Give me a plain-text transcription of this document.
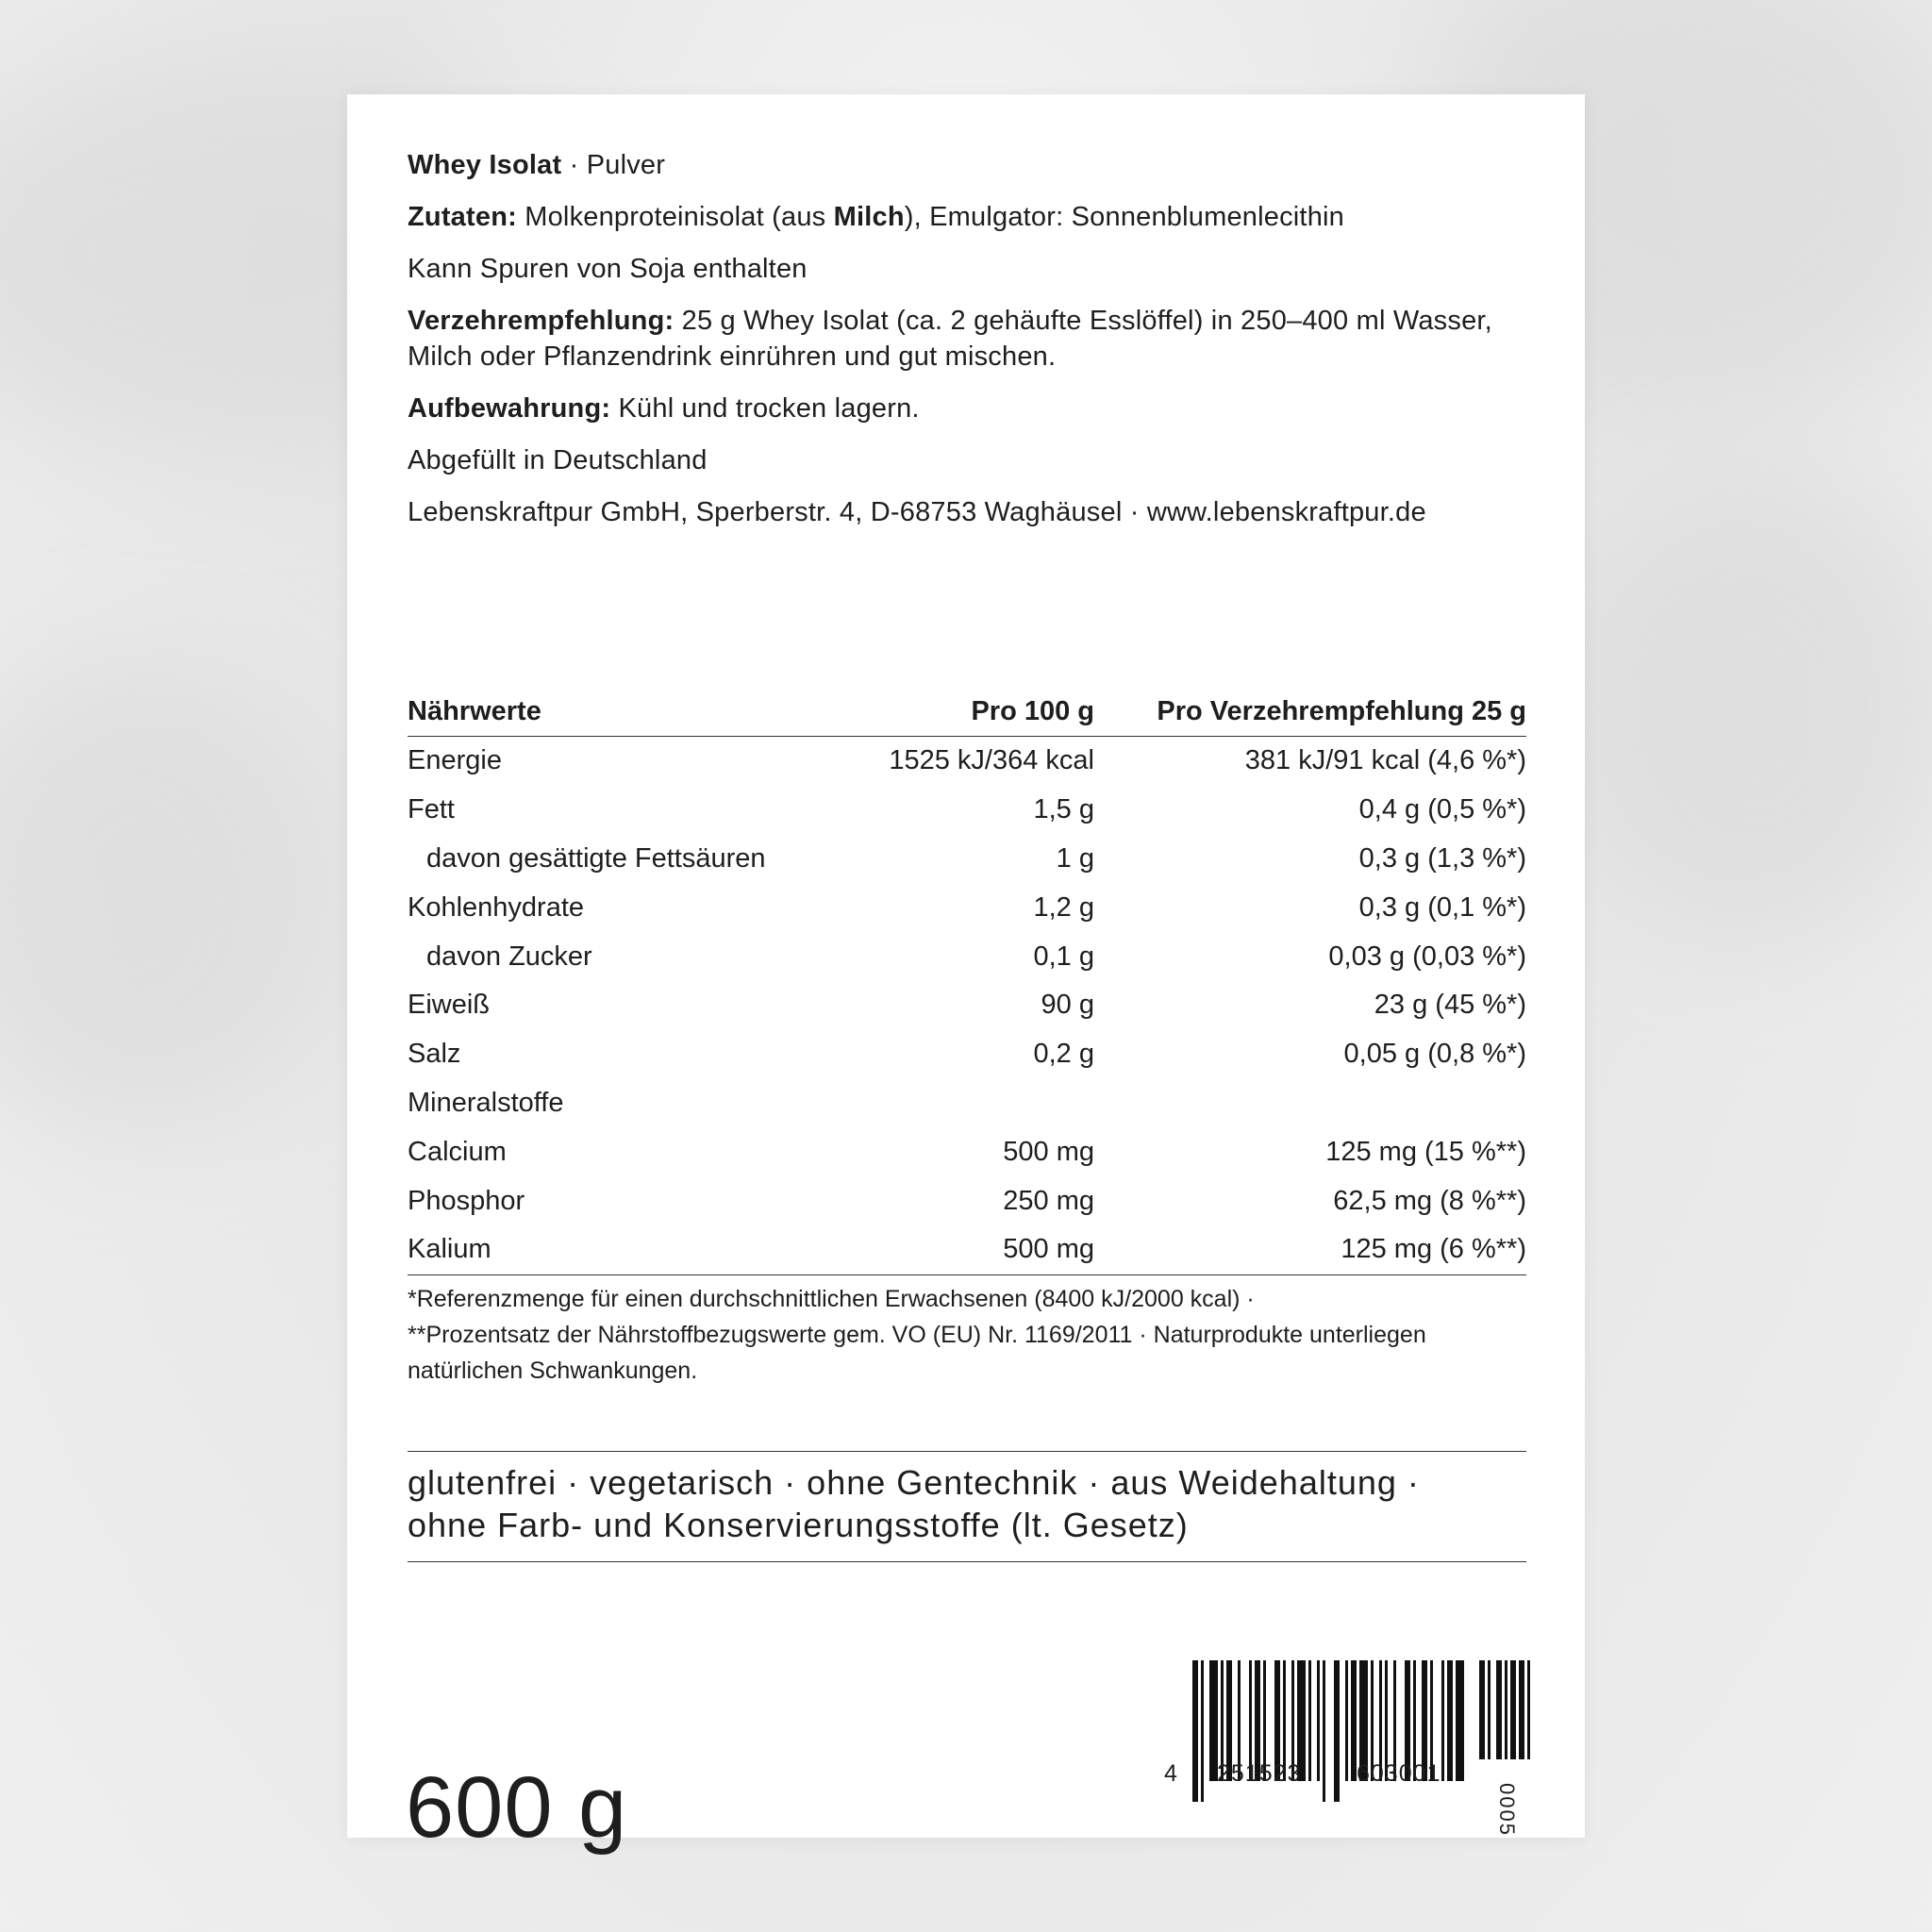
Whey Isolat · Pulver

Zutaten: Molkenproteinisolat (aus Milch), Emulgator: Sonnenblumenlecithin

Kann Spuren von Soja enthalten

Verzehrempfehlung: 25 g Whey Isolat (ca. 2 gehäufte Esslöffel) in 250–400 ml Wasser, Milch oder Pflanzendrink einrühren und gut mischen.

Aufbewahrung: Kühl und trocken lagern.

Abgefüllt in Deutschland

Lebenskraftpur GmbH, Sperberstr. 4, D-68753 Waghäusel · www.lebenskraftpur.de

Nährwerte	Pro 100 g	Pro Verzehrempfehlung 25 g
Energie	1525 kJ/364 kcal	381 kJ/91 kcal (4,6 %*)
Fett	1,5 g	0,4 g (0,5 %*)
davon gesättigte Fettsäuren	1 g	0,3 g (1,3 %*)
Kohlenhydrate	1,2 g	0,3 g (0,1 %*)
davon Zucker	0,1 g	0,03 g (0,03 %*)
Eiweiß	90 g	23 g (45 %*)
Salz	0,2 g	0,05 g (0,8 %*)
Mineralstoffe		
Calcium	500 mg	125 mg (15 %**)
Phosphor	250 mg	62,5 mg (8 %**)
Kalium	500 mg	125 mg (6 %**)

*Referenzmenge für einen durchschnittlichen Erwachsenen (8400 kJ/2000 kcal) ·

**Prozentsatz der Nährstoffbezugswerte gem. VO (EU) Nr. 1169/2011 · Naturprodukte unterliegen natürlichen Schwankungen.

glutenfrei · vegetarisch · ohne Gentechnik · aus Weidehaltung ·

ohne Farb- und Konservierungsstoffe (lt. Gesetz)

600 g	4 251523 603001
0005
